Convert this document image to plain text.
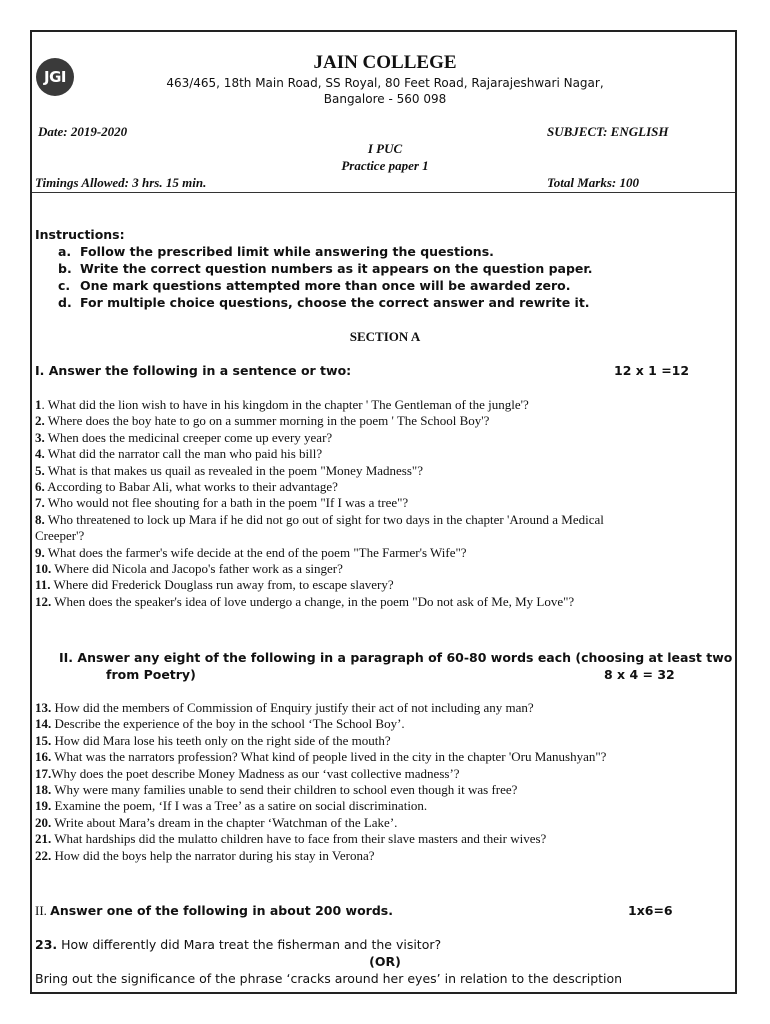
JGI
JAIN COLLEGE
463/465, 18th Main Road, SS Royal, 80 Feet Road, Rajarajeshwari Nagar,
Bangalore - 560 098
Date: 2019-2020	SUBJECT: ENGLISH
I PUC
Practice paper 1
Timings Allowed: 3 hrs. 15 min.	Total Marks: 100
Instructions:
a. Follow the prescribed limit while answering the questions.
b. Write the correct question numbers as it appears on the question paper.
c. One mark questions attempted more than once will be awarded zero.
d. For multiple choice questions, choose the correct answer and rewrite it.
SECTION A
I. Answer the following in a sentence or two:	12 x 1 =12
1. What did the lion wish to have in his kingdom in the chapter ' The Gentleman of the jungle'?
2. Where does the boy hate to go on a summer morning in the poem ' The School Boy'?
3. When does the medicinal creeper come up every year?
4. What did the narrator call the man who paid his bill?
5. What is that makes us quail as revealed in the poem "Money Madness"?
6. According to Babar Ali, what works to their advantage?
7. Who would not flee shouting for a bath in the poem "If I was a tree"?
8. Who threatened to lock up Mara if he did not go out of sight for two days in the chapter 'Around a Medical Creeper'?
9. What does the farmer's wife decide at the end of the poem "The Farmer's Wife"?
10. Where did Nicola and Jacopo's father work as a singer?
11. Where did Frederick Douglass run away from, to escape slavery?
12. When does the speaker's idea of love undergo a change, in the poem "Do not ask of Me, My Love"?
II. Answer any eight of the following in a paragraph of 60-80 words each (choosing at least two
from Poetry)	8 x 4 = 32
13. How did the members of Commission of Enquiry justify their act of not including any man?
14. Describe the experience of the boy in the school ‘The School Boy’.
15. How did Mara lose his teeth only on the right side of the mouth?
16. What was the narrators profession? What kind of people lived in the city in the chapter 'Oru Manushyan"?
17.Why does the poet describe Money Madness as our ‘vast collective madness’?
18. Why were many families unable to send their children to school even though it was free?
19. Examine the poem, ‘If I was a Tree’ as a satire on social discrimination.
20. Write about Mara’s dream in the chapter ‘Watchman of the Lake’.
21. What hardships did the mulatto children have to face from their slave masters and their wives?
22. How did the boys help the narrator during his stay in Verona?
II. Answer one of the following in about 200 words.	1x6=6
23. How differently did Mara treat the fisherman and the visitor?
(OR)
Bring out the significance of the phrase ‘cracks around her eyes’ in relation to the description
